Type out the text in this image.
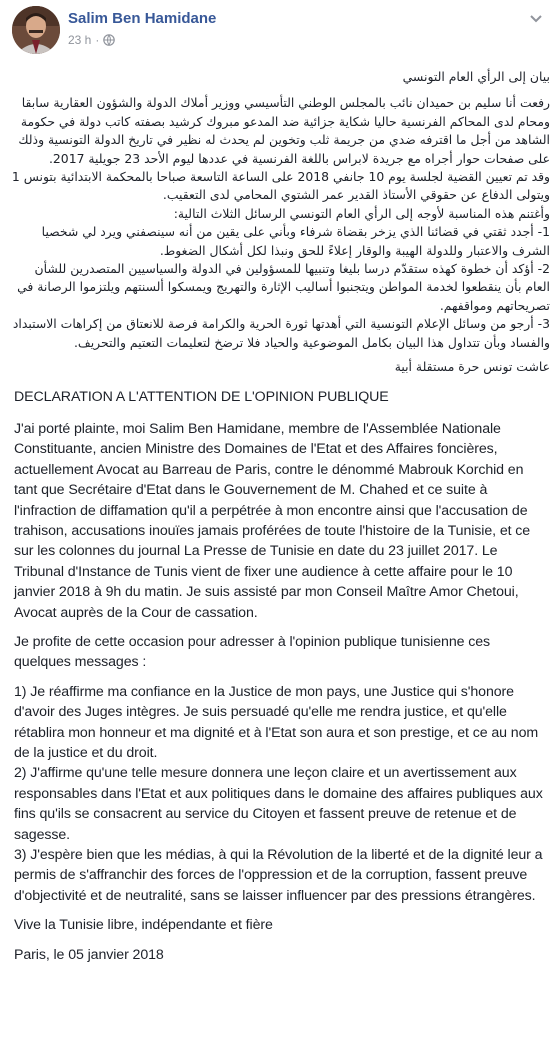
Salim Ben Hamidane
23 h ·

بيان إلى الرأي العام التونسي

رفعت أنا سليم بن حميدان نائب بالمجلس الوطني التأسيسي ووزير أملاك الدولة والشؤون العقارية سابقا ومحام لدى المحاكم الفرنسية حاليا شكاية جزائية ضد المدعو مبروك كرشيد بصفته كاتب دولة في حكومة الشاهد من أجل ما اقترفه ضدي من جريمة ثلب وتخوين لم يحدث له نظير في تاريخ الدولة التونسية وذلك على صفحات حوار أجراه مع جريدة لابراس باللغة الفرنسية في عددها ليوم الأحد 23 جويلية 2017.

وقد تم تعيين القضية لجلسة يوم 10 جانفي 2018 على الساعة التاسعة صباحا بالمحكمة الابتدائية بتونس 1 ويتولى الدفاع عن حقوقي الأستاذ القدير عمر الشتوي المحامي لدى التعقيب.

وأغتنم هذه المناسبة لأوجه إلى الرأي العام التونسي الرسائل الثلاث التالية:

1- أجدد ثقتي في قضائنا الذي يزخر بقضاة شرفاء وبأني على يقين من أنه سينصفني ويرد لي شخصيا الشرف والاعتبار وللدولة الهيبة والوقار إعلاءً للحق ونبذا لكل أشكال الضغوط.

2- أؤكد أن خطوة كهذه ستقدّم درسا بليغا وتنبيها للمسؤولين في الدولة والسياسيين المتصدرين للشأن العام بأن ينقطعوا لخدمة المواطن ويتجنبوا أساليب الإثارة والتهريج ويمسكوا ألسنتهم ويلتزموا الرصانة في تصريحاتهم ومواقفهم.

3- أرجو من وسائل الإعلام التونسية التي أهدتها ثورة الحرية والكرامة فرصة للانعتاق من إكراهات الاستبداد والفساد وبأن تتداول هذا البيان بكامل الموضوعية والحياد فلا ترضخ لتعليمات التعتيم والتحريف.

عاشت تونس حرة مستقلة أبية

DECLARATION A L'ATTENTION DE L'OPINION PUBLIQUE

J'ai porté plainte, moi Salim Ben Hamidane, membre de l'Assemblée Nationale Constituante, ancien Ministre des Domaines de l'Etat et des Affaires foncières, actuellement Avocat au Barreau de Paris, contre le dénommé Mabrouk Korchid en tant que Secrétaire d'Etat dans le Gouvernement de M. Chahed et ce suite à l'infraction de diffamation qu'il a perpétrée à mon encontre ainsi que l'accusation de trahison, accusations inouïes jamais proférées de toute l'histoire de la Tunisie, et ce sur les colonnes du journal La Presse de Tunisie en date du 23 juillet 2017. Le Tribunal d'Instance de Tunis vient de fixer une audience à cette affaire pour le 10 janvier 2018 à 9h du matin. Je suis assisté par mon Conseil Maître Amor Chetoui, Avocat auprès de la Cour de cassation.

Je profite de cette occasion pour adresser à l'opinion publique tunisienne ces quelques messages :

1) Je réaffirme ma confiance en la Justice de mon pays, une Justice qui s'honore d'avoir des Juges intègres. Je suis persuadé qu'elle me rendra justice, et qu'elle rétablira mon honneur et ma dignité et à l'Etat son aura et son prestige, et ce au nom de la justice et du droit.

2) J'affirme qu'une telle mesure donnera une leçon claire et un avertissement aux responsables dans l'Etat et aux politiques dans le domaine des affaires publiques aux fins qu'ils se consacrent au service du Citoyen et fassent preuve de retenue et de sagesse.

3) J'espère bien que les médias, à qui la Révolution de la liberté et de la dignité leur a permis de s'affranchir des forces de l'oppression et de la corruption, fassent preuve d'objectivité et de neutralité, sans se laisser influencer par des pressions étrangères.

Vive la Tunisie libre, indépendante et fière

Paris, le 05 janvier 2018
